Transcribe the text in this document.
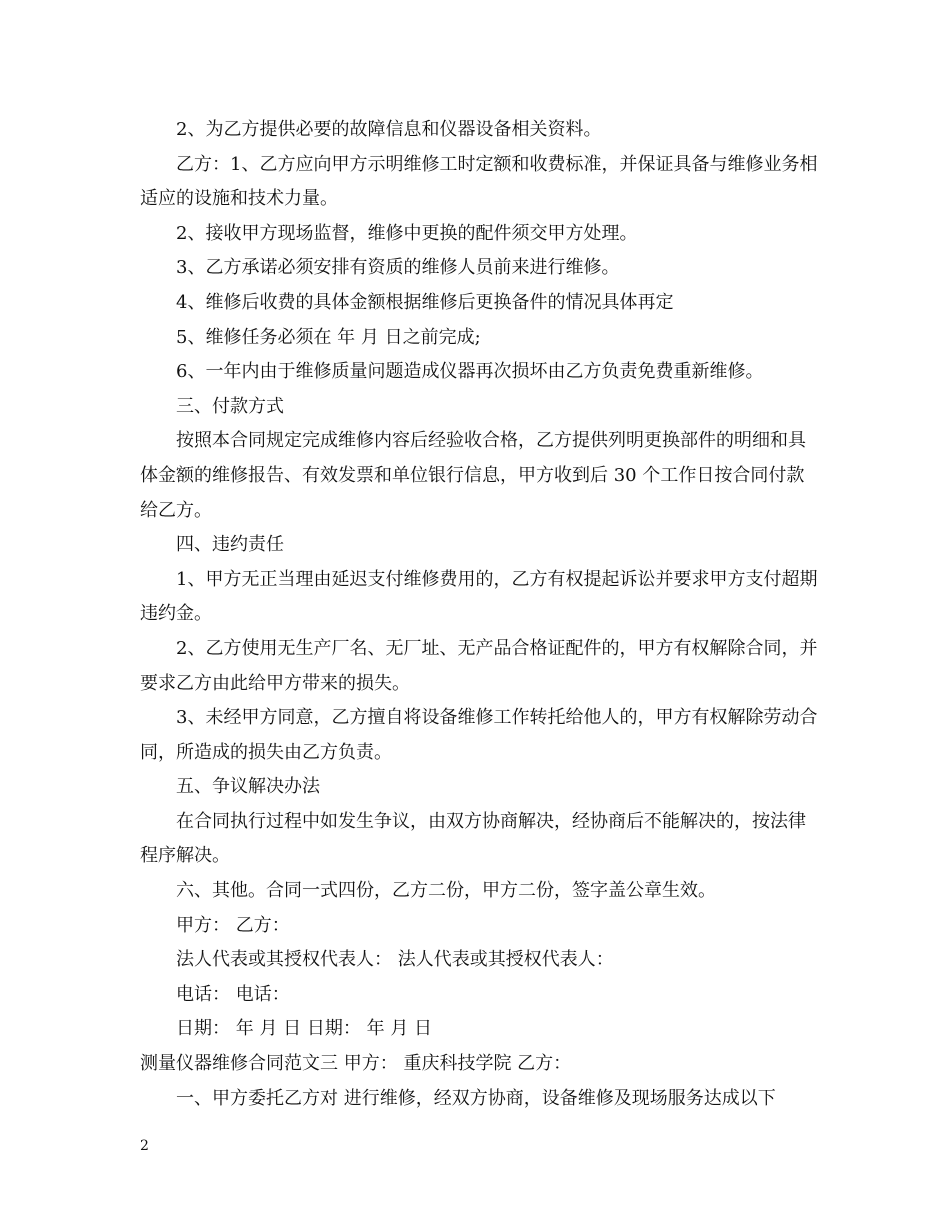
2、为乙方提供必要的故障信息和仪器设备相关资料。

乙方：1、乙方应向甲方示明维修工时定额和收费标准，并保证具备与维修业务相适应的设施和技术力量。

2、接收甲方现场监督，维修中更换的配件须交甲方处理。

3、乙方承诺必须安排有资质的维修人员前来进行维修。

4、维修后收费的具体金额根据维修后更换备件的情况具体再定

5、维修任务必须在 年 月 日之前完成;

6、一年内由于维修质量问题造成仪器再次损坏由乙方负责免费重新维修。

三、付款方式

按照本合同规定完成维修内容后经验收合格，乙方提供列明更换部件的明细和具体金额的维修报告、有效发票和单位银行信息，甲方收到后 30 个工作日按合同付款给乙方。

四、违约责任

1、甲方无正当理由延迟支付维修费用的，乙方有权提起诉讼并要求甲方支付超期违约金。

2、乙方使用无生产厂名、无厂址、无产品合格证配件的，甲方有权解除合同，并要求乙方由此给甲方带来的损失。

3、未经甲方同意，乙方擅自将设备维修工作转托给他人的，甲方有权解除劳动合同，所造成的损失由乙方负责。

五、争议解决办法

在合同执行过程中如发生争议，由双方协商解决，经协商后不能解决的，按法律程序解决。

六、其他。合同一式四份，乙方二份，甲方二份，签字盖公章生效。

甲方： 乙方：

法人代表或其授权代表人： 法人代表或其授权代表人：

电话： 电话：

日期： 年 月 日 日期： 年 月 日

测量仪器维修合同范文三 甲方： 重庆科技学院 乙方：

一、甲方委托乙方对 进行维修，经双方协商，设备维修及现场服务达成以下

2
